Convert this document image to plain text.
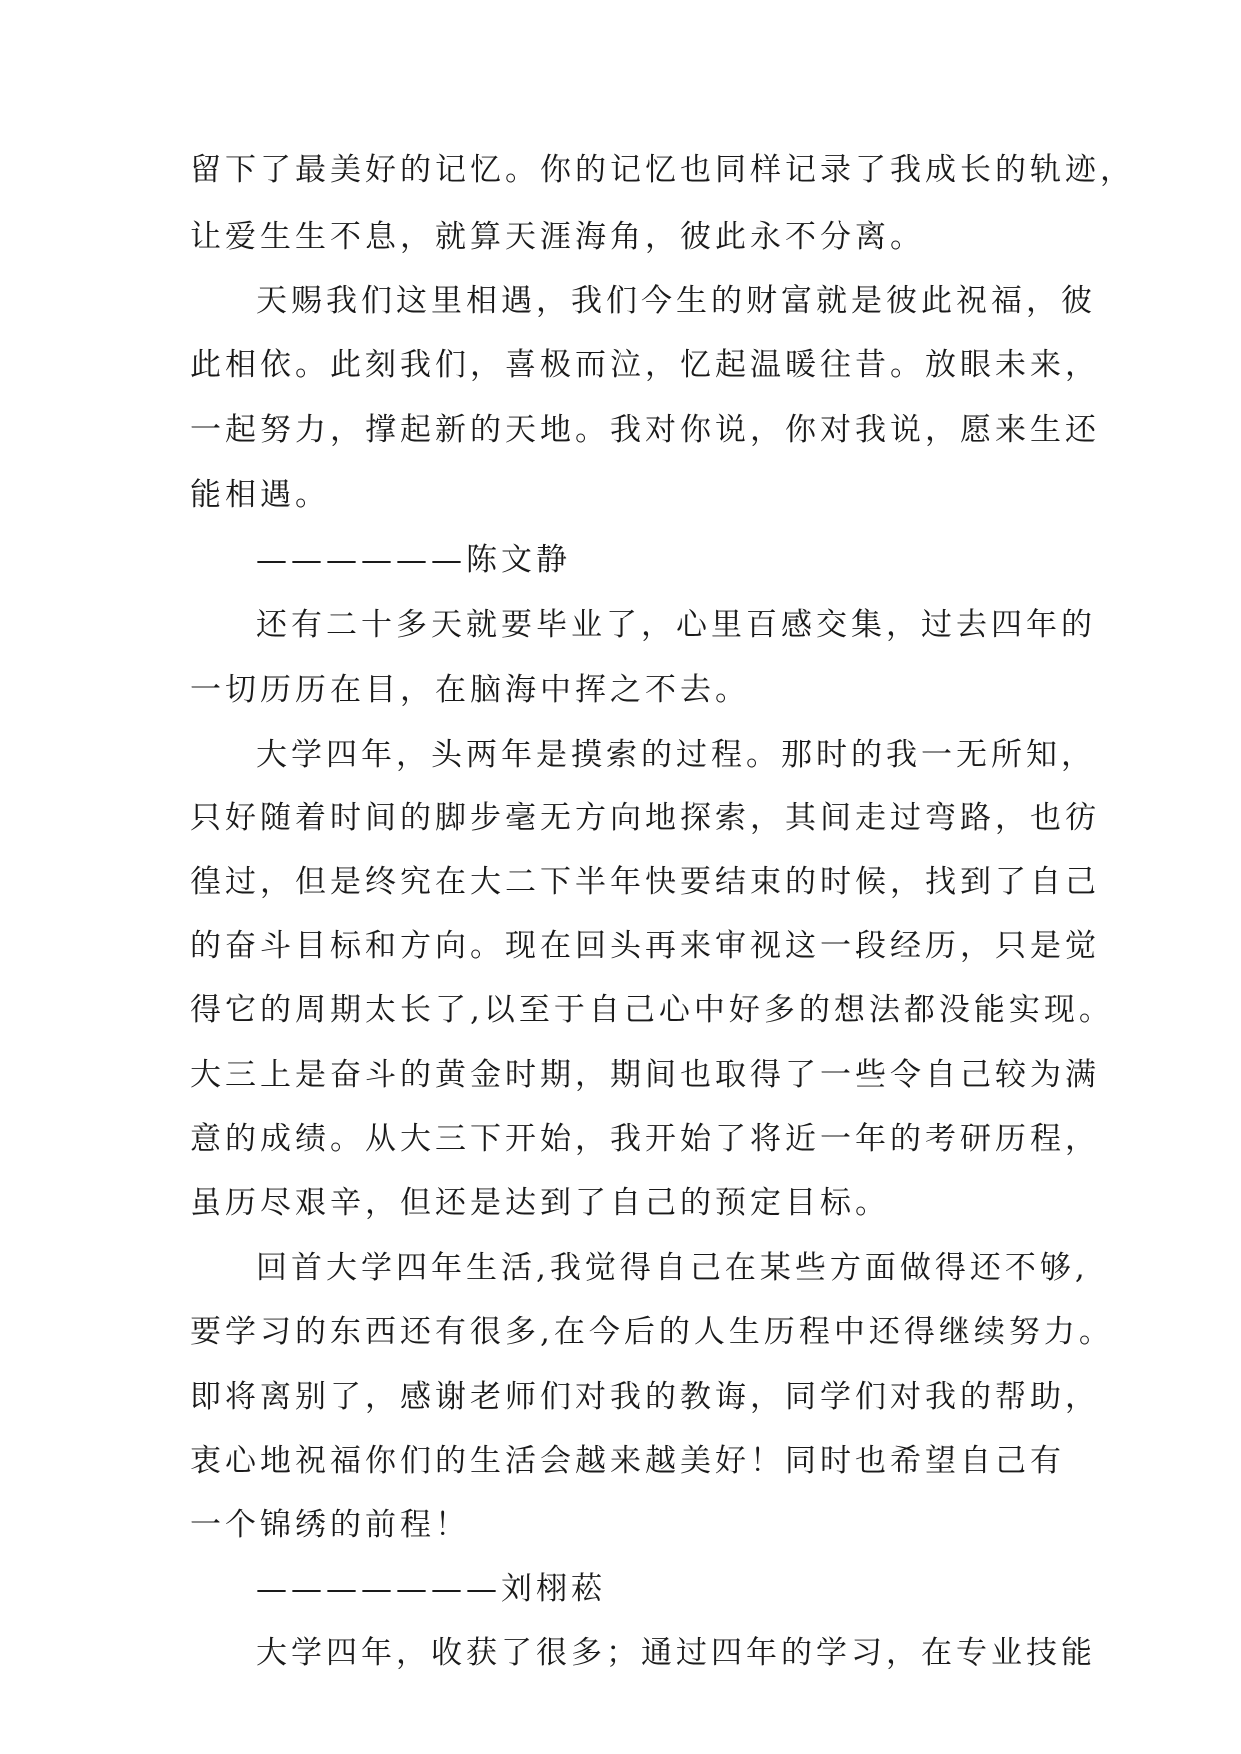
留下了最美好的记忆。你的记忆也同样记录了我成长的轨迹，
让爱生生不息，就算天涯海角，彼此永不分离。
天赐我们这里相遇，我们今生的财富就是彼此祝福，彼
此相依。此刻我们，喜极而泣，忆起温暖往昔。放眼未来，
一起努力，撑起新的天地。我对你说，你对我说，愿来生还
能相遇。
——————陈文静
还有二十多天就要毕业了，心里百感交集，过去四年的
一切历历在目，在脑海中挥之不去。
大学四年，头两年是摸索的过程。那时的我一无所知，
只好随着时间的脚步毫无方向地探索，其间走过弯路，也彷
徨过，但是终究在大二下半年快要结束的时候，找到了自己
的奋斗目标和方向。现在回头再来审视这一段经历，只是觉
得它的周期太长了,以至于自己心中好多的想法都没能实现。
大三上是奋斗的黄金时期，期间也取得了一些令自己较为满
意的成绩。从大三下开始，我开始了将近一年的考研历程，
虽历尽艰辛，但还是达到了自己的预定目标。
回首大学四年生活,我觉得自己在某些方面做得还不够,
要学习的东西还有很多,在今后的人生历程中还得继续努力。
即将离别了，感谢老师们对我的教诲，同学们对我的帮助，
衷心地祝福你们的生活会越来越美好！同时也希望自己有
一个锦绣的前程！
———————刘栩菘
大学四年，收获了很多；通过四年的学习，在专业技能
